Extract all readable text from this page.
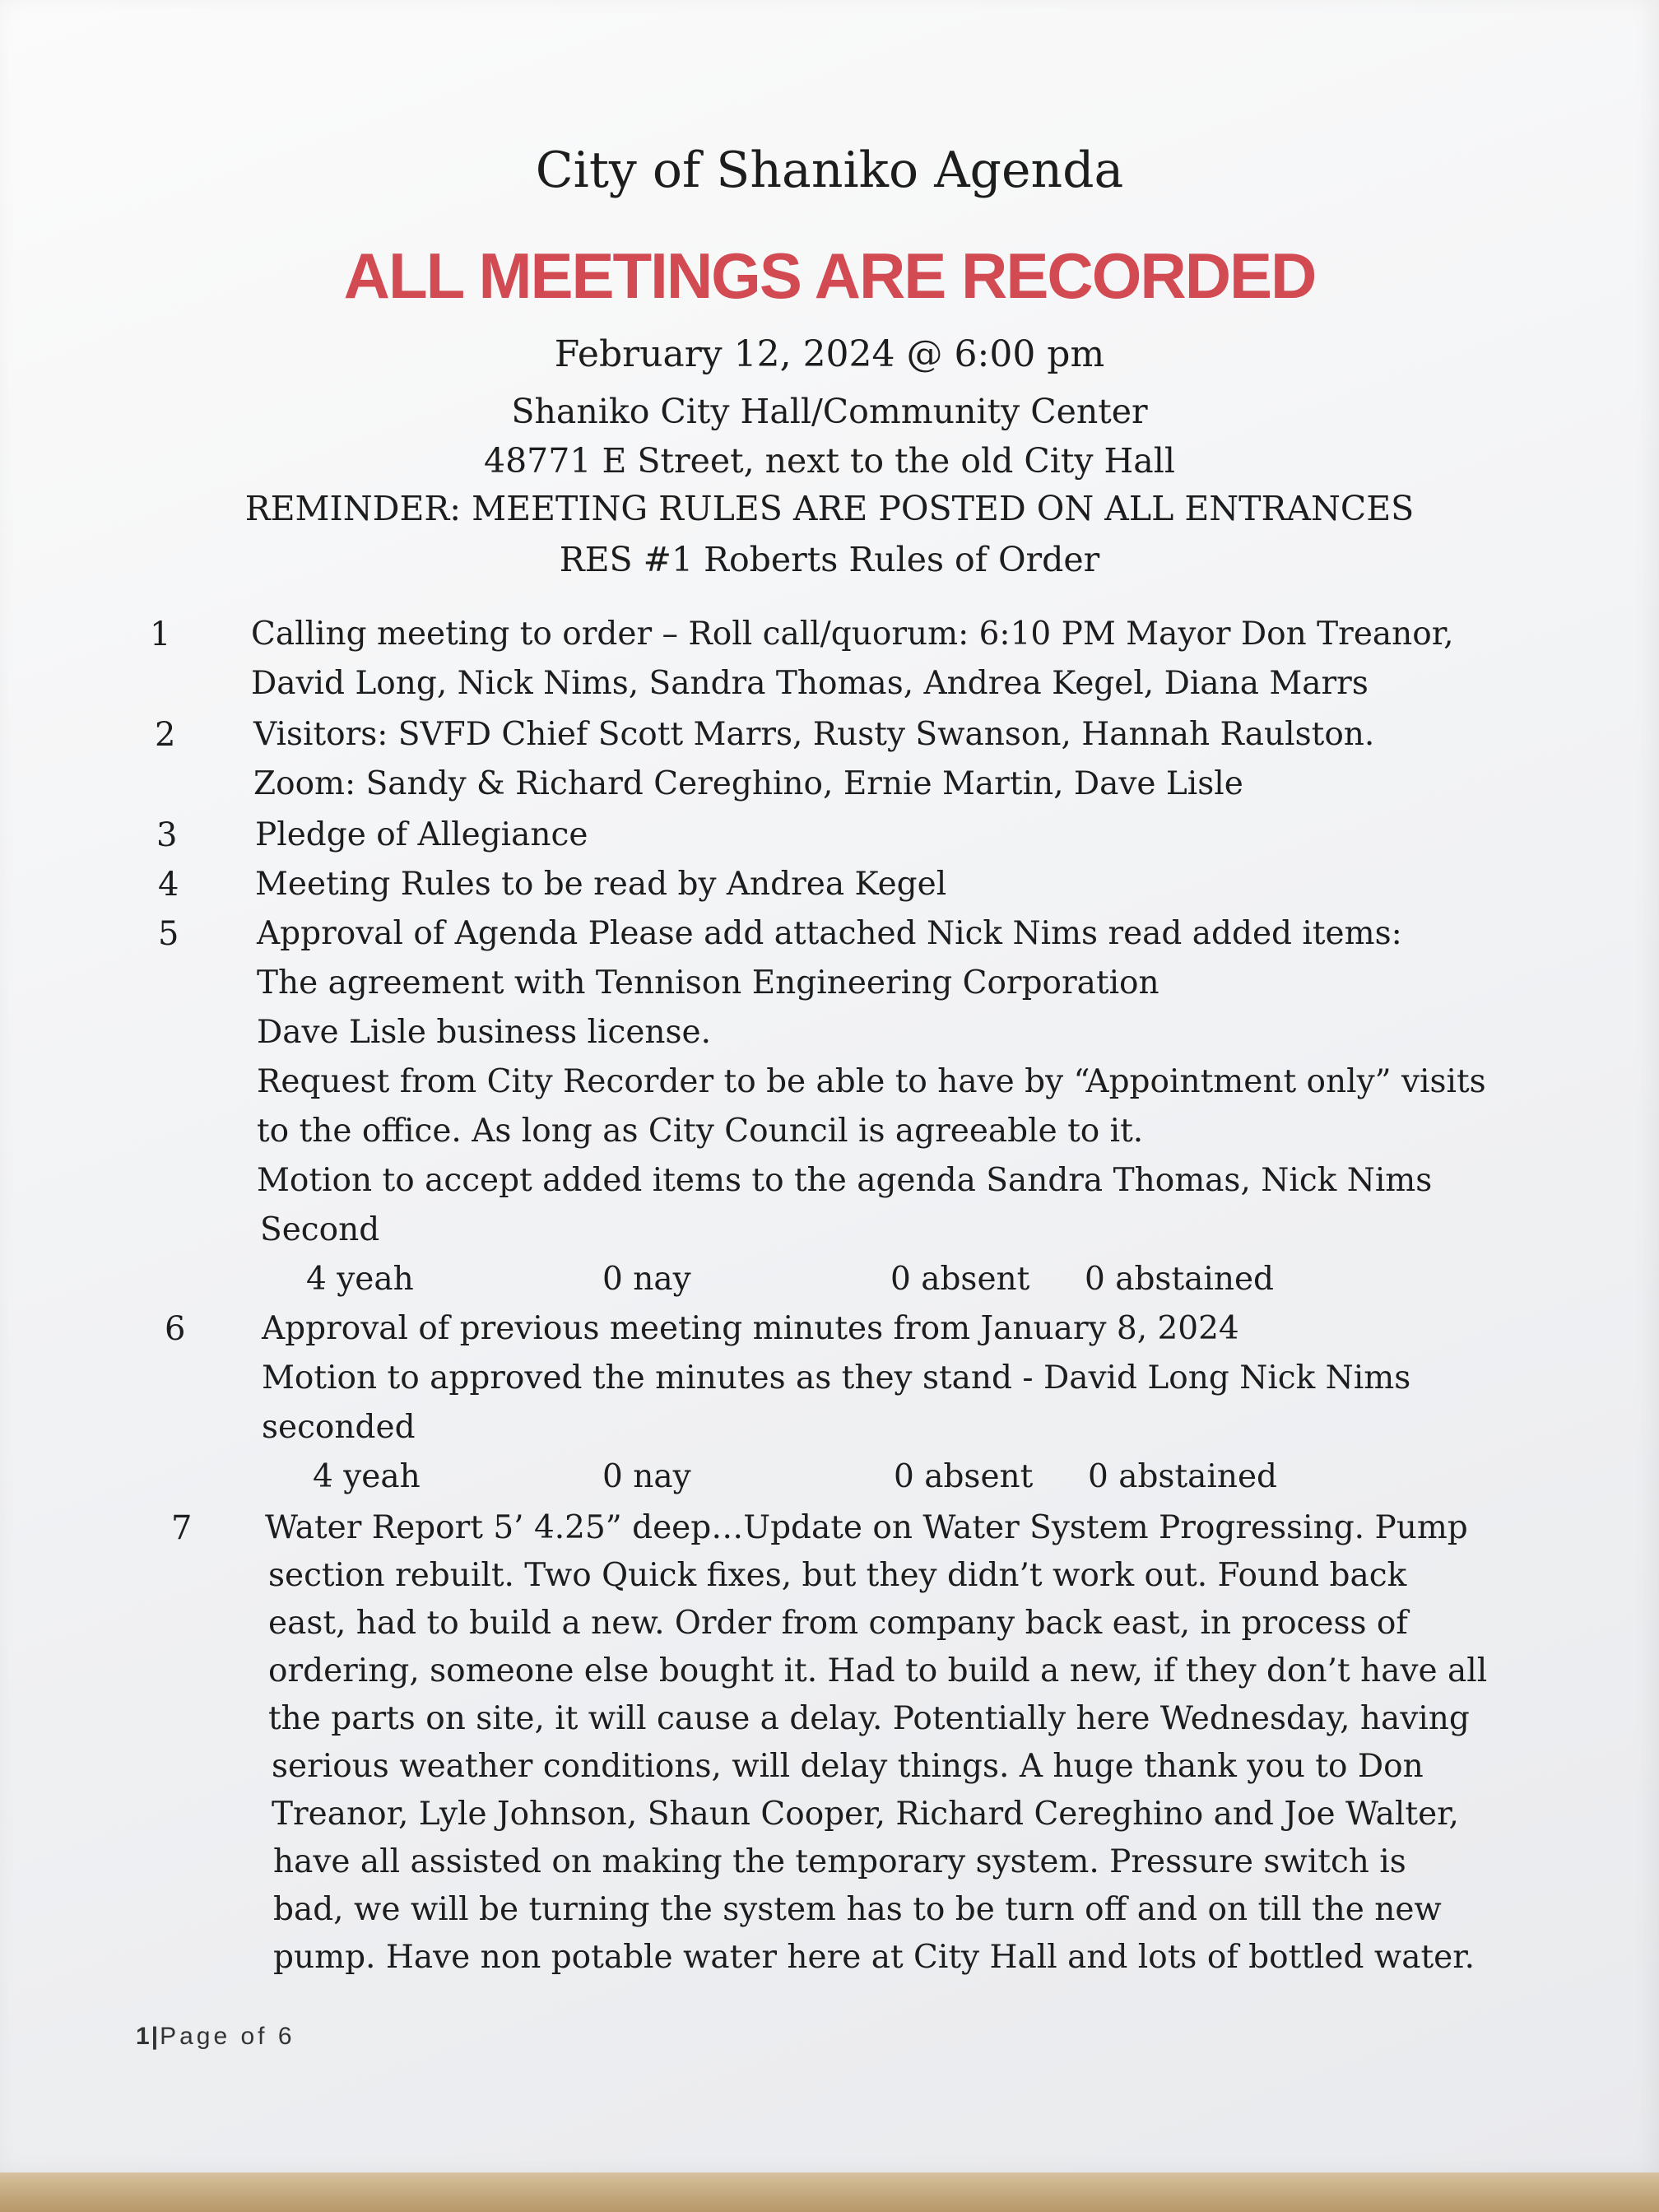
City of Shaniko Agenda
ALL MEETINGS ARE RECORDED
February 12, 2024 @ 6:00 pm
Shaniko City Hall/Community Center
48771 E Street, next to the old City Hall
REMINDER: MEETING RULES ARE POSTED ON ALL ENTRANCES
RES #1 Roberts Rules of Order
1	Calling meeting to order – Roll call/quorum: 6:10 PM Mayor Don Treanor,
David Long, Nick Nims, Sandra Thomas, Andrea Kegel, Diana Marrs
2 Visitors: SVFD Chief Scott Marrs, Rusty Swanson, Hannah Raulston.
Zoom: Sandy & Richard Cereghino, Ernie Martin, Dave Lisle
3 Pledge of Allegiance
4 Meeting Rules to be read by Andrea Kegel
5 Approval of Agenda Please add attached Nick Nims read added items:
The agreement with Tennison Engineering Corporation
Dave Lisle business license.
Request from City Recorder to be able to have by “Appointment only” visits
to the office. As long as City Council is agreeable to it.
Motion to accept added items to the agenda Sandra Thomas, Nick Nims
Second
4 yeah	0 nay	0 absent 0 abstained
6 Approval of previous meeting minutes from January 8, 2024
Motion to approved the minutes as they stand - David Long Nick Nims
seconded
4 yeah	0 nay	0 absent 0 abstained
7 Water Report 5’ 4.25” deep…Update on Water System Progressing. Pump
section rebuilt. Two Quick fixes, but they didn’t work out. Found back
east, had to build a new. Order from company back east, in process of
ordering, someone else bought it. Had to build a new, if they don’t have all
the parts on site, it will cause a delay. Potentially here Wednesday, having
serious weather conditions, will delay things. A huge thank you to Don
Treanor, Lyle Johnson, Shaun Cooper, Richard Cereghino and Joe Walter,
have all assisted on making the temporary system. Pressure switch is
bad, we will be turning the system has to be turn off and on till the new
pump. Have non potable water here at City Hall and lots of bottled water.
1|Page of 6
